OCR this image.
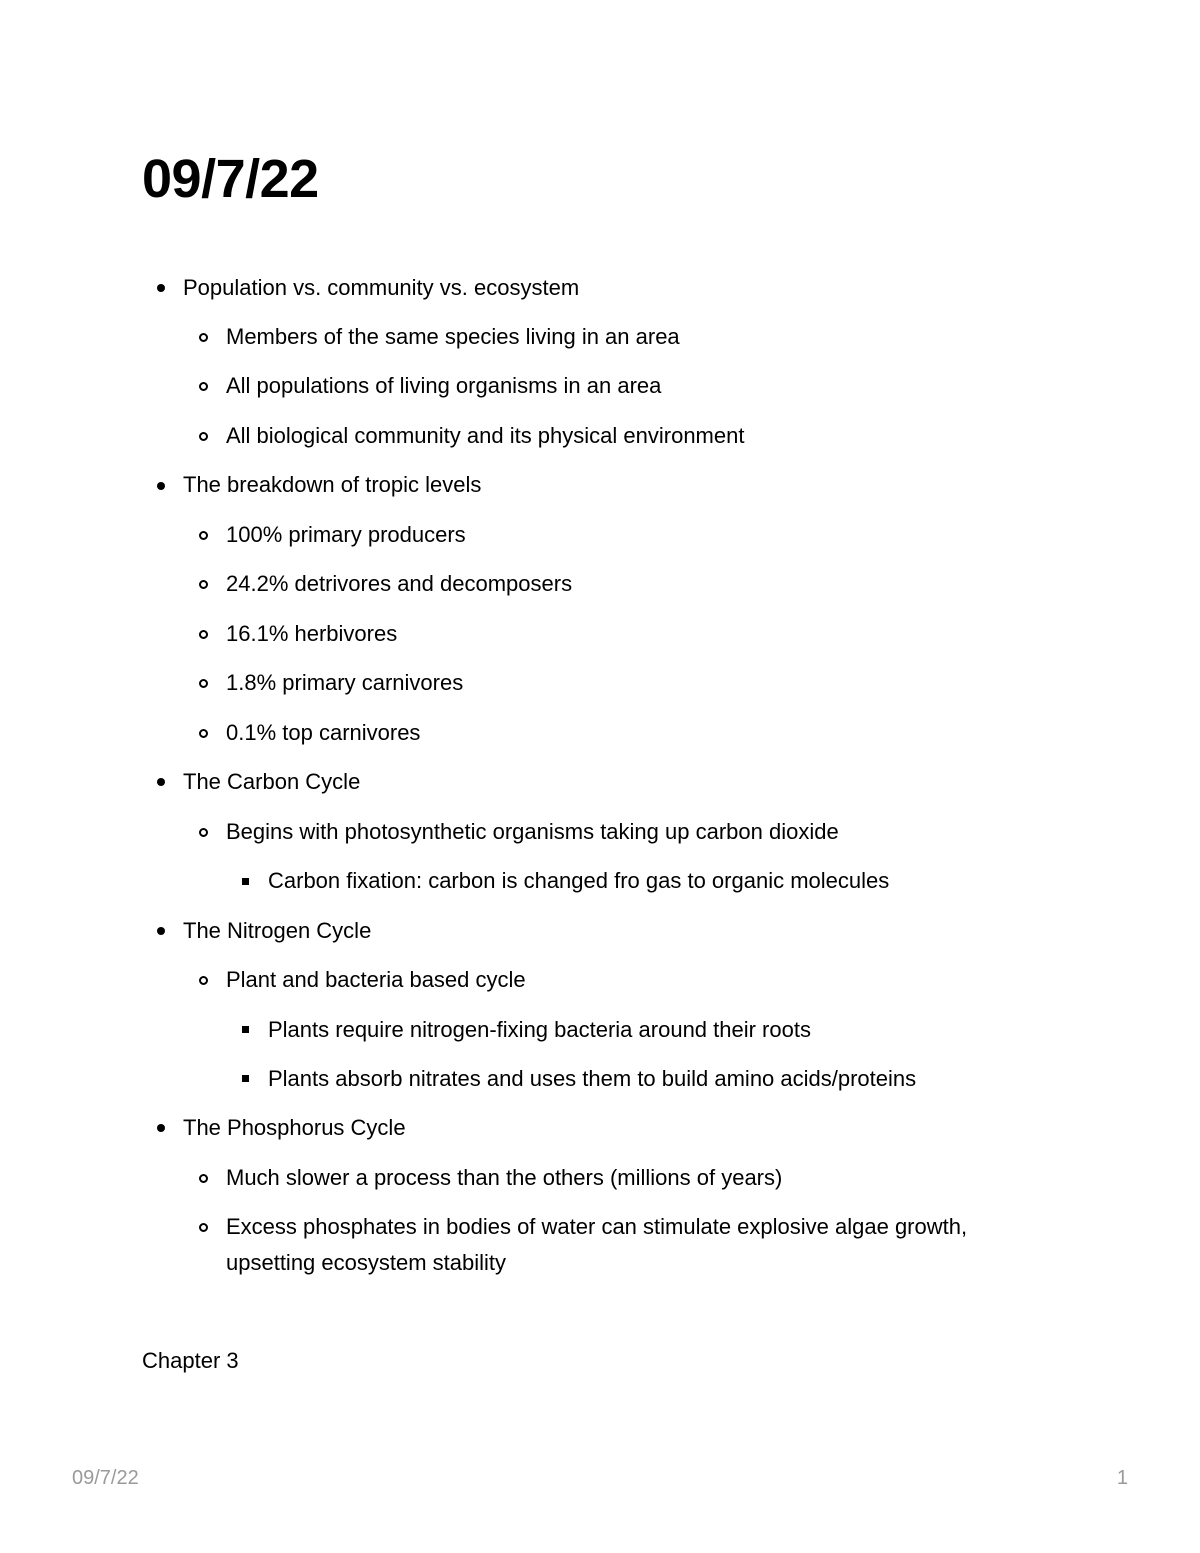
09/7/22
Population vs. community vs. ecosystem
Members of the same species living in an area
All populations of living organisms in an area
All biological community and its physical environment
The breakdown of tropic levels
100% primary producers
24.2% detrivores and decomposers
16.1% herbivores
1.8% primary carnivores
0.1% top carnivores
The Carbon Cycle
Begins with photosynthetic organisms taking up carbon dioxide
Carbon fixation: carbon is changed fro gas to organic molecules
The Nitrogen Cycle
Plant and bacteria based cycle
Plants require nitrogen-fixing bacteria around their roots
Plants absorb nitrates and uses them to build amino acids/proteins
The Phosphorus Cycle
Much slower a process than the others (millions of years)
Excess phosphates in bodies of water can stimulate explosive algae growth, upsetting ecosystem stability
Chapter 3
09/7/22	1
